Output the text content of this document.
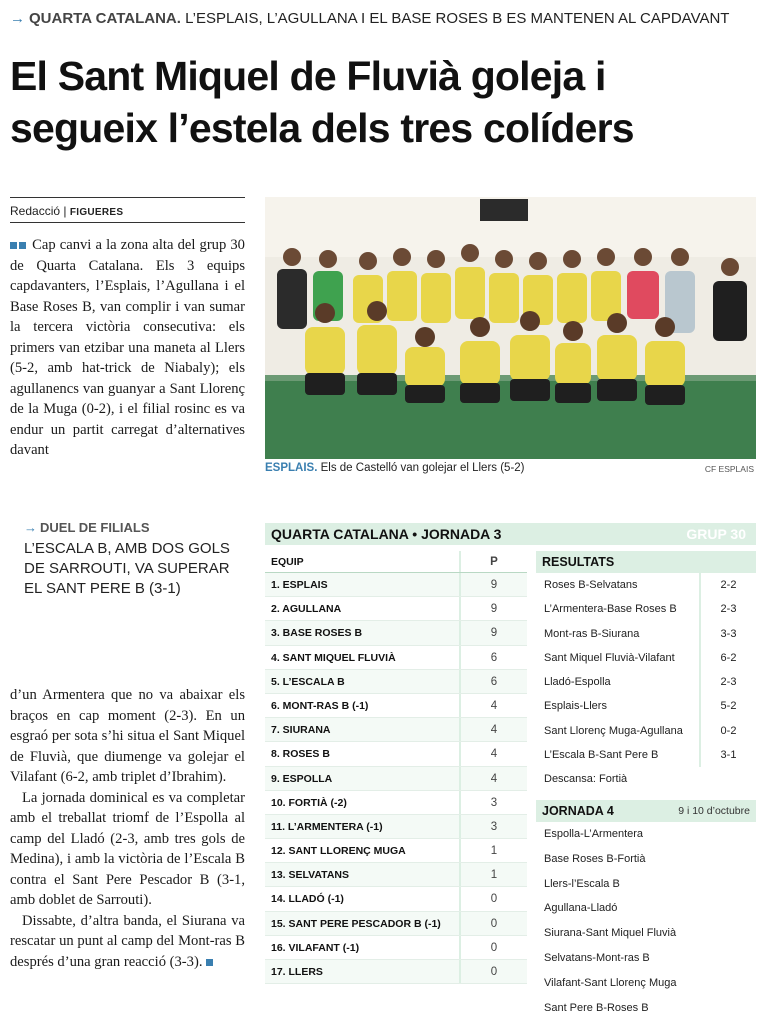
→ QUARTA CATALANA. L’ESPLAIS, L’AGULLANA I EL BASE ROSES B ES MANTENEN AL CAPDAVANT
El Sant Miquel de Fluvià goleja i segueix l’estela dels tres colíders
Redacció | FIGUERES

Cap canvi a la zona alta del grup 30 de Quarta Catalana. Els 3 equips capdavanters, l’Esplais, l’Agullana i el Base Roses B, van complir i van sumar la tercera victòria consecutiva: els primers van etzibar una maneta al Llers (5-2, amb hat-trick de Niabaly); els agullanencs van guanyar a Sant Llorenç de la Muga (0-2), i el filial rosinc es va endur un partit carregat d’alternatives davant

→ DUEL DE FILIALS
L’ESCALA B, AMB DOS GOLS DE SARROUTI, VA SUPERAR EL SANT PERE B (3-1)

d’un Armentera que no va abaixar els braços en cap moment (2-3). En un esgraó per sota s’hi situa el Sant Miquel de Fluvià, que diumenge va golejar el Vilafant (6-2, amb triplet d’Ibrahim).

La jornada dominical es va completar amb el treballat triomf de l’Espolla al camp del Lladó (2-3, amb tres gols de Medina), i amb la victòria de l’Escala B contra el Sant Pere Pescador B (3-1, amb doblet de Sarrouti).

Dissabte, d’altra banda, el Siurana va rescatar un punt al camp del Mont-ras B després d’una gran reacció (3-3).

ESPLAIS. Els de Castelló van golejar el Llers (5-2)	CF ESPLAIS
QUARTA CATALANA • JORNADA 3	GRUP 30
EQUIP	P
1. ESPLAIS	9
2. AGULLANA	9
3. BASE ROSES B	9
4. SANT MIQUEL FLUVIÀ	6
5. L’ESCALA B	6
6. MONT-RAS B (-1)	4
7. SIURANA	4
8. ROSES B	4
9. ESPOLLA	4
10. FORTIÀ (-2)	3
11. L’ARMENTERA (-1)	3
12. SANT LLORENÇ MUGA	1
13. SELVATANS	1
14. LLADÓ (-1)	0
15. SANT PERE PESCADOR B (-1)	0
16. VILAFANT (-1)	0
17. LLERS	0
RESULTATS
Roses B-Selvatans	2-2
L’Armentera-Base Roses B	2-3
Mont-ras B-Siurana	3-3
Sant Miquel Fluvià-Vilafant	6-2
Lladó-Espolla	2-3
Esplais-Llers	5-2
Sant Llorenç Muga-Agullana	0-2
L’Escala B-Sant Pere B	3-1
Descansa: Fortià
JORNADA 4	9 i 10 d’octubre
Espolla-L’Armentera
Base Roses B-Fortià
Llers-l’Escala B
Agullana-Lladó
Siurana-Sant Miquel Fluvià
Selvatans-Mont-ras B
Vilafant-Sant Llorenç Muga
Sant Pere B-Roses B
